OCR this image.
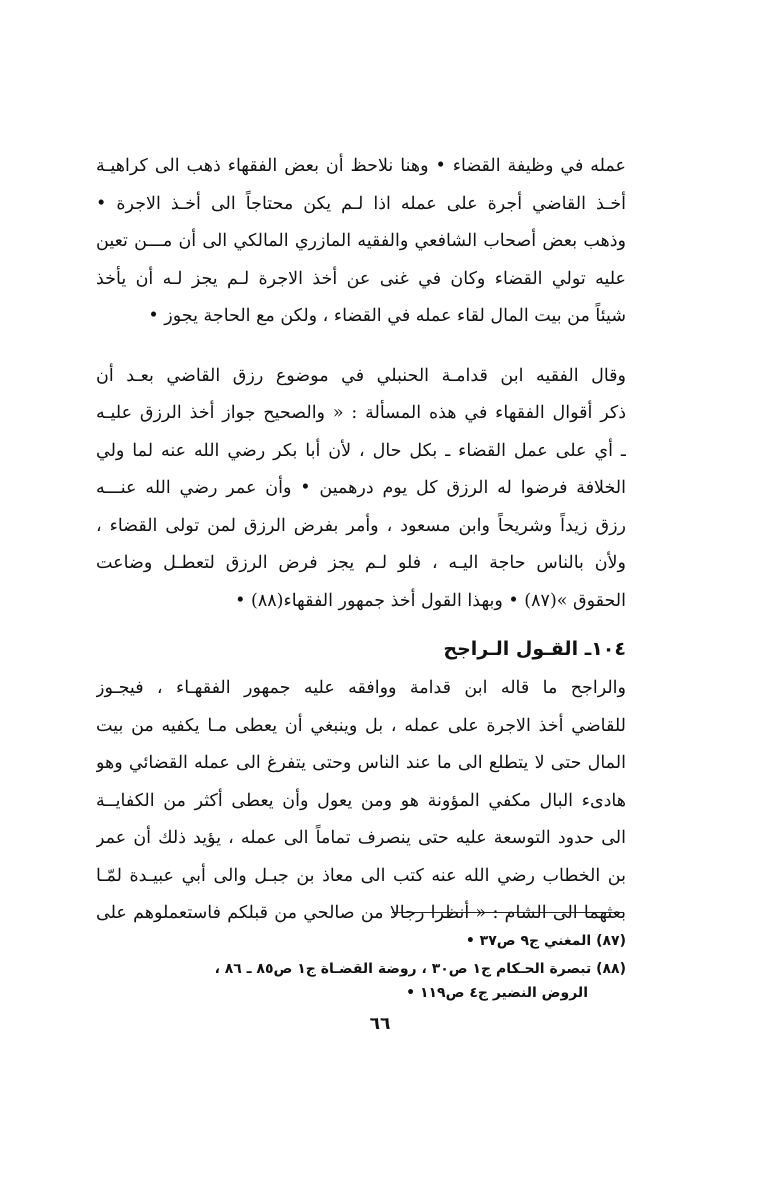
عمله في وظيفة القضاء • وهنا نلاحظ أن بعض الفقهاء ذهب الى كراهيـة
أخـذ القاضي أجرة على عمله اذا لـم يكن محتاجاً الى أخـذ الاجرة •
وذهب بعض أصحاب الشافعي والفقيه المازري المالكي الى أن مـــن تعين
عليه تولي القضاء وكان في غنى عن أخذ الاجرة لـم يجز لـه أن يأخذ
شيئاً من بيت المال لقاء عمله في القضاء ، ولكن مع الحاجة يجوز •
وقال الفقيه ابن قدامـة الحنبلي في موضوع رزق القاضي بعـد أن
ذكر أقوال الفقهاء في هذه المسألة : « والصحيح جواز أخذ الرزق عليـه
ـ أي على عمل القضاء ـ بكل حال ، لأن أبا بكر رضي الله عنه لما ولي
الخلافة فرضوا له الرزق كل يوم درهمين • وأن عمر رضي الله عنـــه
رزق زيداً وشريحاً وابن مسعود ، وأمر بفرض الرزق لمن تولى القضاء ،
ولأن بالناس حاجة اليـه ، فلو لـم يجز فرض الرزق لتعطـل وضاعت
الحقوق »(٨٧) • وبهذا القول أخذ جمهور الفقهاء(٨٨) •
١٠٤ـ القـول الـراجح
والراجح ما قاله ابن قدامة ووافقه عليه جمهور الفقهـاء ، فيجـوز
للقاضي أخذ الاجرة على عمله ، بل وينبغي أن يعطى مـا يكفيه من بيت
المال حتى لا يتطلع الى ما عند الناس وحتى يتفرغ الى عمله القضائي وهو
هادىء البال مكفي المؤونة هو ومن يعول وأن يعطى أكثر من الكفايــة
الى حدود التوسعة عليه حتى ينصرف تماماً الى عمله ، يؤيد ذلك أن عمر
بن الخطاب رضي الله عنه كتب الى معاذ بن جبـل والى أبي عبيـدة لمّـا
بعثهما الى الشام : « أنظرا رجالا من صالحي من قبلكم فاستعملوهم على
(٨٧) المغني ج٩ ص٣٧ •
(٨٨) تبصرة الحـكام ج١ ص٣٠ ، روضة القضـاة ج١ ص٨٥ ـ ٨٦ ،
الروض النضير ج٤ ص١١٩ •
٦٦
